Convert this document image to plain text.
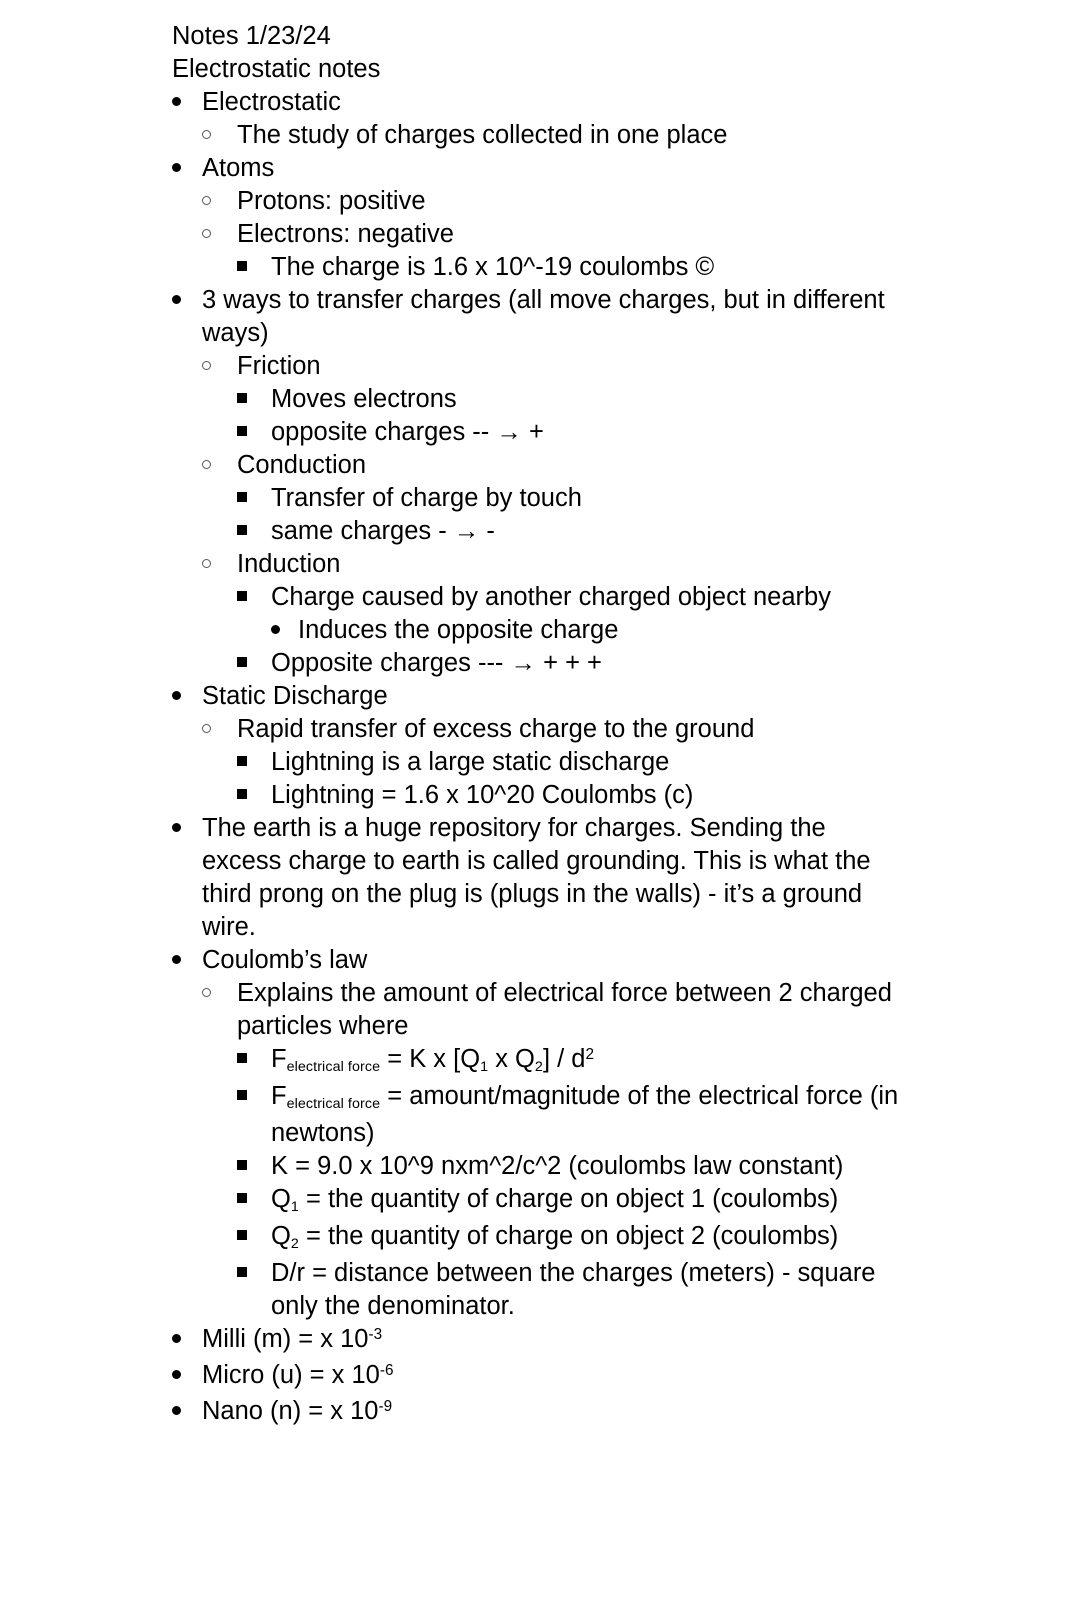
Notes 1/23/24
Electrostatic notes
Electrostatic
The study of charges collected in one place
Atoms
Protons: positive
Electrons: negative
The charge is 1.6 x 10^-19 coulombs ©
3 ways to transfer charges (all move charges, but in different ways)
Friction
Moves electrons
opposite charges -- → +
Conduction
Transfer of charge by touch
same charges - → -
Induction
Charge caused by another charged object nearby
Induces the opposite charge
Opposite charges --- → + + +
Static Discharge
Rapid transfer of excess charge to the ground
Lightning is a large static discharge
Lightning = 1.6 x 10^20 Coulombs (c)
The earth is a huge repository for charges. Sending the excess charge to earth is called grounding. This is what the third prong on the plug is (plugs in the walls) - it’s a ground wire.
Coulomb’s law
Explains the amount of electrical force between 2 charged particles where
$F_{electrical force} = K$ x [$Q_1$ x $Q_2] / d^2$
$F_{electrical force}$ = amount/magnitude of the electrical force (in newtons)
K = 9.0 x 10^9 nxm^2/c^2 (coulombs law constant)
$Q_1$ = the quantity of charge on object 1 (coulombs)
$Q_2$ = the quantity of charge on object 2 (coulombs)
D/r = distance between the charges (meters) - square only the denominator.
Milli (m) = x $10^{-3}$
Micro (u) = x $10^{-6}$
Nano (n) = x $10^{-9}$
